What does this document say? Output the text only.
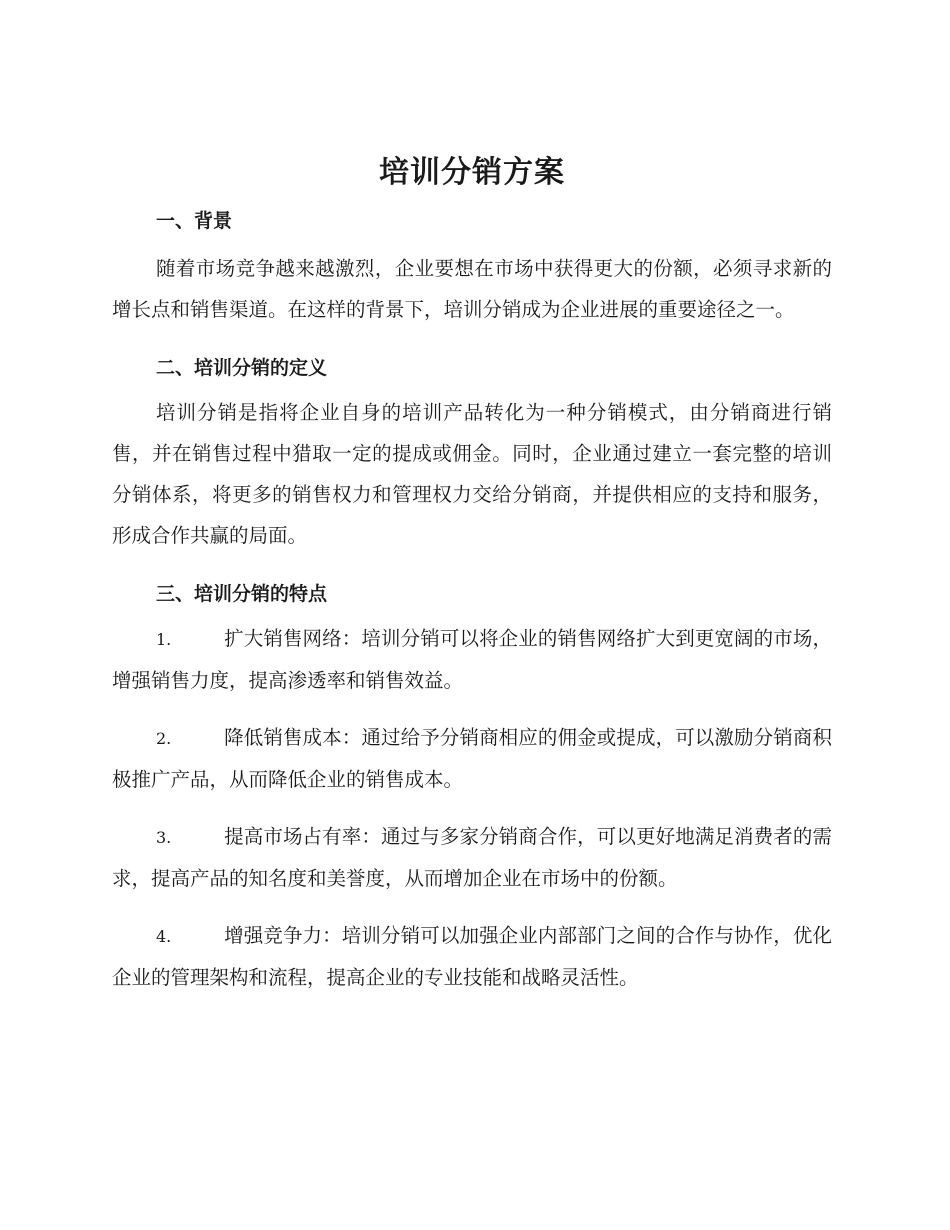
培训分销方案
一、背景

随着市场竞争越来越激烈，企业要想在市场中获得更大的份额，必须寻求新的增长点和销售渠道。在这样的背景下，培训分销成为企业进展的重要途径之一。

二、培训分销的定义

培训分销是指将企业自身的培训产品转化为一种分销模式，由分销商进行销售，并在销售过程中猎取一定的提成或佣金。同时，企业通过建立一套完整的培训分销体系，将更多的销售权力和管理权力交给分销商，并提供相应的支持和服务，形成合作共赢的局面。

三、培训分销的特点
1.	扩大销售网络：培训分销可以将企业的销售网络扩大到更宽阔的市场，增强销售力度，提高渗透率和销售效益。
2.	降低销售成本：通过给予分销商相应的佣金或提成，可以激励分销商积极推广产品，从而降低企业的销售成本。
3.	提高市场占有率：通过与多家分销商合作，可以更好地满足消费者的需求，提高产品的知名度和美誉度，从而增加企业在市场中的份额。
4.	增强竞争力：培训分销可以加强企业内部部门之间的合作与协作，优化企业的管理架构和流程，提高企业的专业技能和战略灵活性。
